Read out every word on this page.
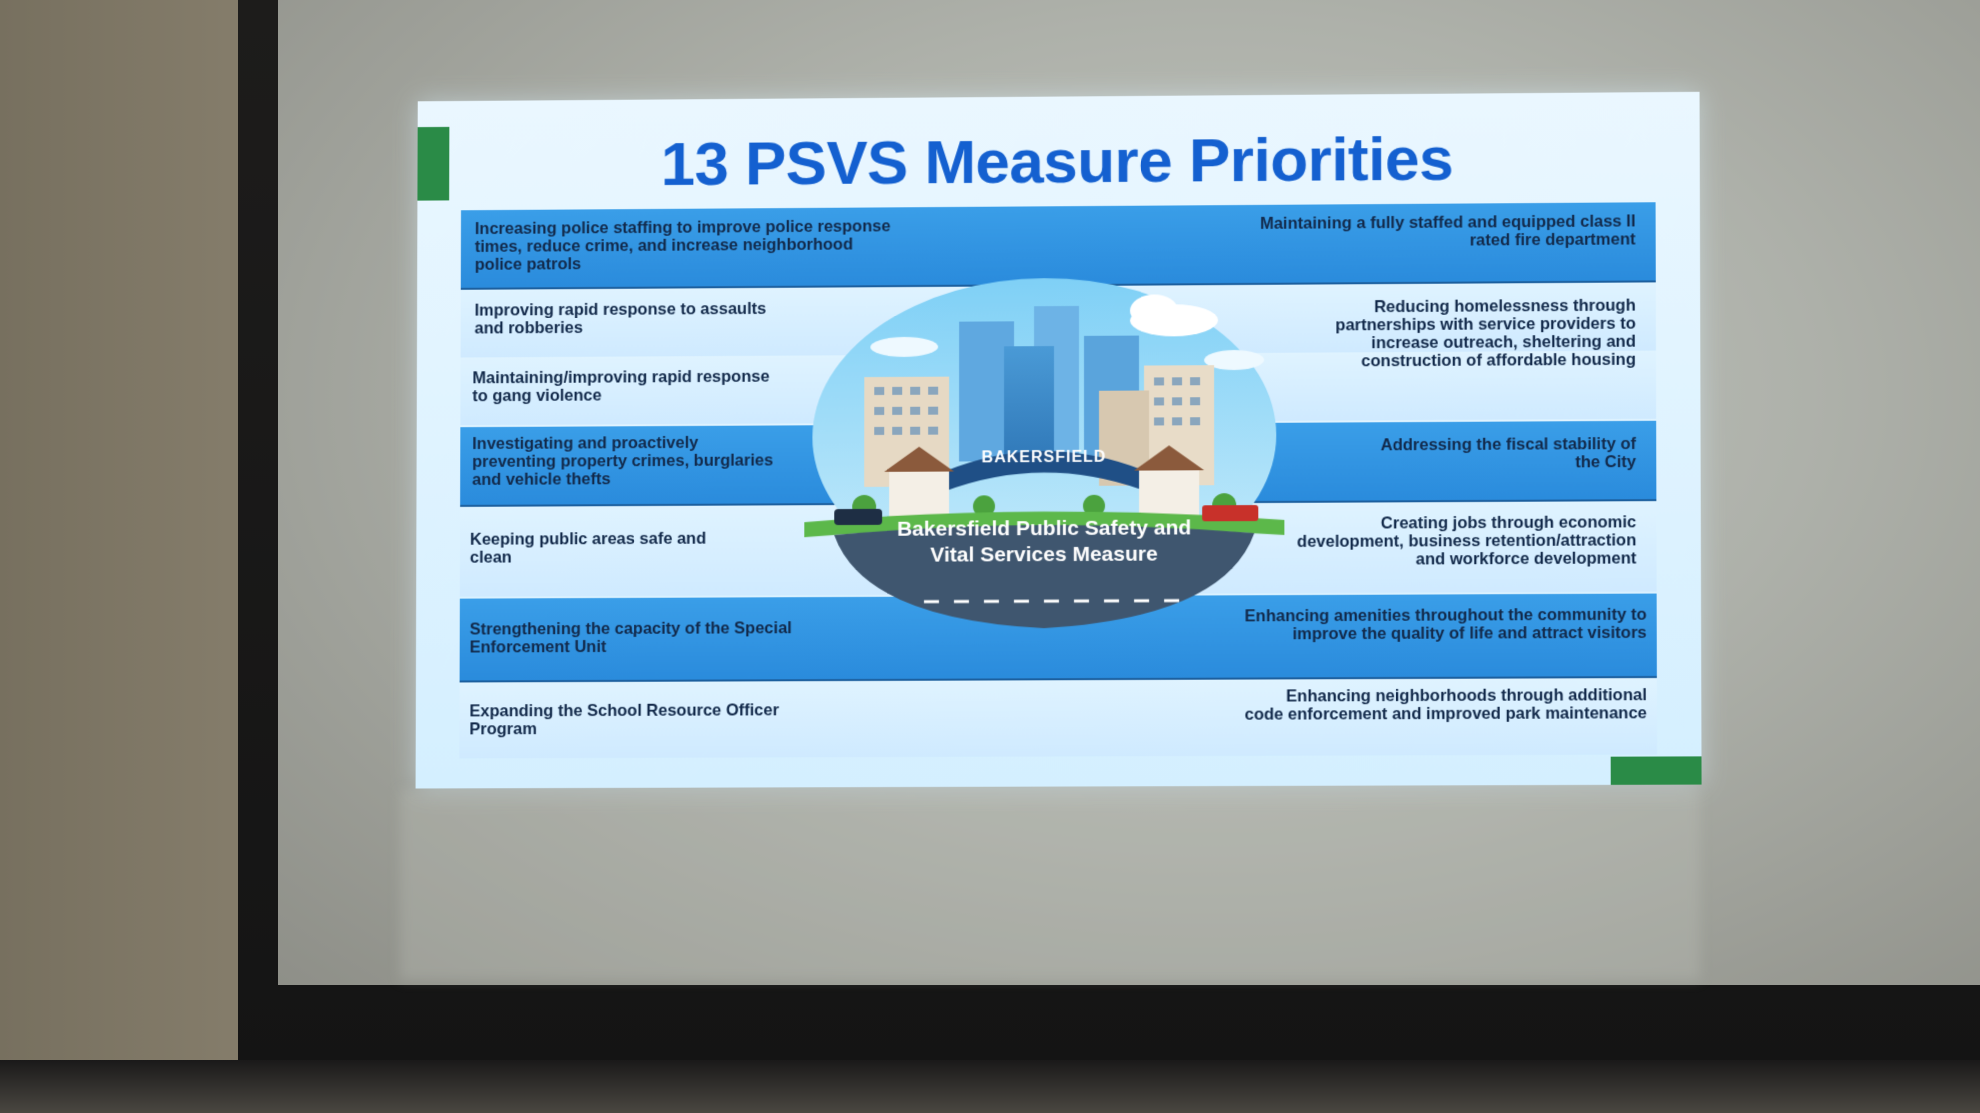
13 PSVS Measure Priorities
Increasing police staffing to improve police response times, reduce crime, and increase neighborhood police patrols
Improving rapid response to assaults and robberies
Maintaining/improving rapid response to gang violence
Investigating and proactively preventing property crimes, burglaries and vehicle thefts
Keeping public areas safe and clean
Strengthening the capacity of the Special Enforcement Unit
Expanding the School Resource Officer Program
Maintaining a fully staffed and equipped class II rated fire department
Reducing homelessness through partnerships with service providers to increase outreach, sheltering and construction of affordable housing
Addressing the fiscal stability of the City
Creating jobs through economic development, business retention/attraction and workforce development
Enhancing amenities throughout the community to improve the quality of life and attract visitors
Enhancing neighborhoods through additional code enforcement and improved park maintenance
BAKERSFIELD
Bakersfield Public Safety and Vital Services Measure
